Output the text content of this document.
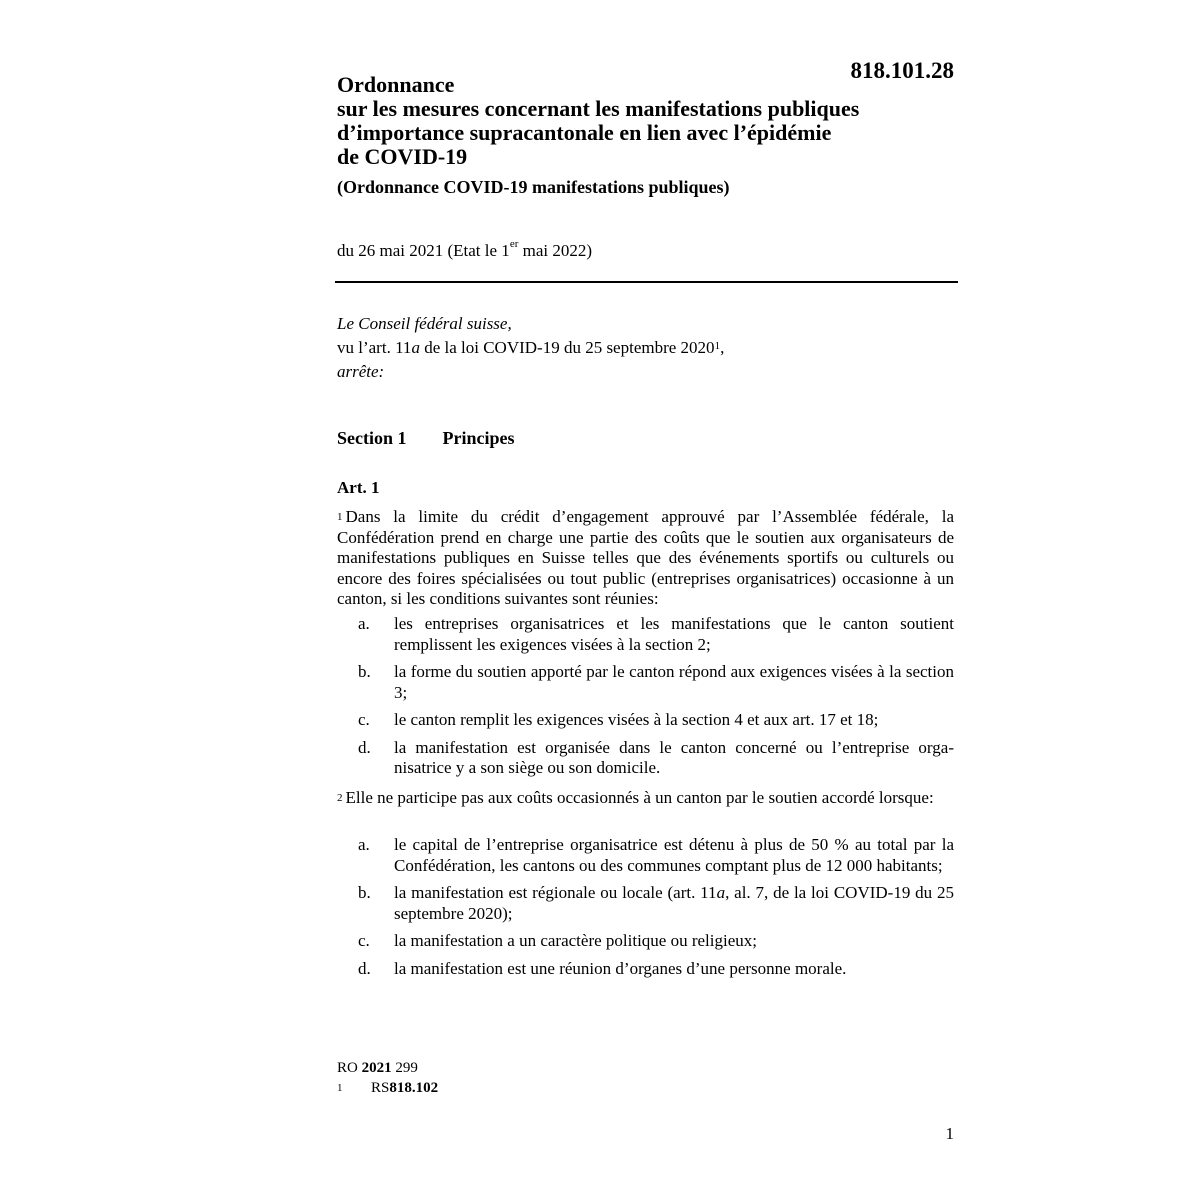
818.101.28
Ordonnance
sur les mesures concernant les manifestations publiques
d’importance supracantonale en lien avec l’épidémie
de COVID-19
(Ordonnance COVID-19 manifestations publiques)
du 26 mai 2021 (Etat le 1er mai 2022)
Le Conseil fédéral suisse,
vu l’art. 11a de la loi COVID-19 du 25 septembre 2020$^1$,
arrête:
Section 1 Principes
Art. 1
$^1$ Dans la limite du crédit d’engagement approuvé par l’Assemblée fédérale, la Confédération prend en charge une partie des coûts que le soutien aux organisateurs de manifestations publiques en Suisse telles que des événements sportifs ou culturels ou encore des foires spécialisées ou tout public (entreprises organisatrices) occasionne à un canton, si les conditions suivantes sont réunies:
a.	les entreprises organisatrices et les manifestations que le canton soutient remplissent les exigences visées à la section 2;
b.	la forme du soutien apporté par le canton répond aux exigences visées à la section 3;
c.	le canton remplit les exigences visées à la section 4 et aux art. 17 et 18;
d.	la manifestation est organisée dans le canton concerné ou l’entreprise organisatrice y a son siège ou son domicile.
$^2$ Elle ne participe pas aux coûts occasionnés à un canton par le soutien accordé lorsque:
a.	le capital de l’entreprise organisatrice est détenu à plus de 50 % au total par la Confédération, les cantons ou des communes comptant plus de 12 000 habitants;
b.	la manifestation est régionale ou locale (art. 11a, al. 7, de la loi COVID-19 du 25 septembre 2020);
c.	la manifestation a un caractère politique ou religieux;
d.	la manifestation est une réunion d’organes d’une personne morale.
RO 2021 299
1	RS 818.102
1
